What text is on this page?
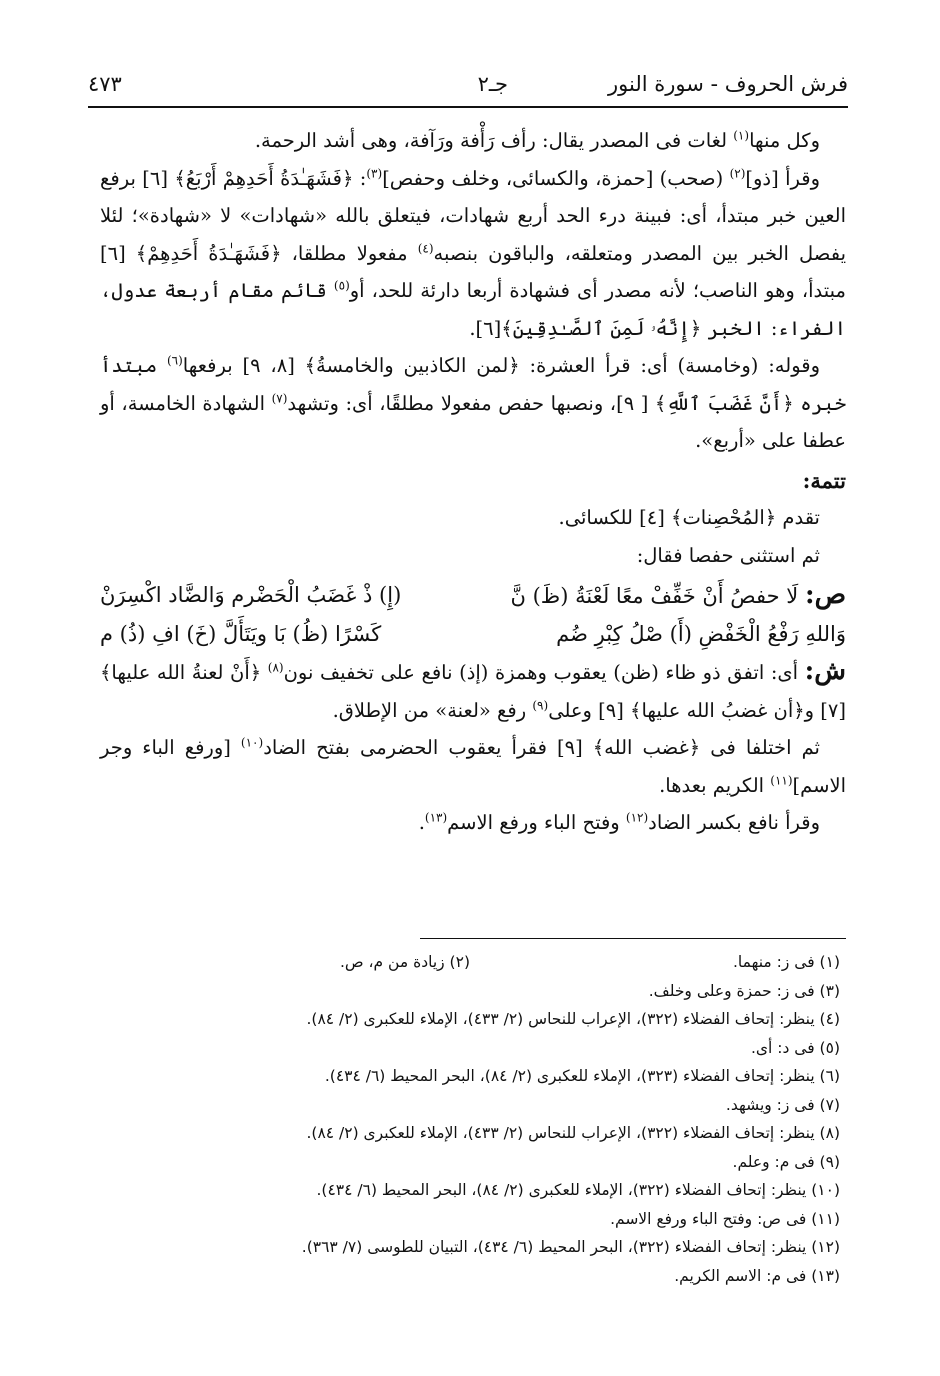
فرش الحروف - سورة النور
جـ٢
٤٧٣

وكل منها$^{(١)}$ لغات فى المصدر يقال: رأف رَأْفة ورَآفة، وهى أشد الرحمة.

وقرأ [ذو]$^{(٢)}$ (صحب) [حمزة، والكسائى، وخلف وحفص]$^{(٣)}$: ﴿فَشَهَـٰدَةُ أَحَدِهِمْ أَرْبَعُ﴾ [٦] برفع العين خبر مبتدأ، أى: فبينة درء الحد أربع شهادات، فيتعلق بالله «شهادات» لا «شهادة»؛ لئلا يفصل الخبر بين المصدر ومتعلقه، والباقون بنصبه$^{(٤)}$ مفعولا مطلقا، ﴿فَشَهَـٰدَةُ أَحَدِهِمْ﴾ [٦] مبتدأ، وهو الناصب؛ لأنه مصدر أى فشهادة أربعا دارئة للحد، أو$^{(٥)}$ قائم مقام أربعة عدول، الفراء: الخبر ﴿إِنَّهُۥ لَمِنَ ٱلصَّـٰدِقِينَ﴾[٦].

وقوله: (وخامسة) أى: قرأ العشرة: ﴿لمن الكاذبين والخامسةُ﴾ [٨، ٩] برفعها$^{(٦)}$ مبتدأ خبره ﴿أَنَّ غَضَبَ ٱللَّهِ﴾ [ ٩]، ونصبها حفص مفعولا مطلقًا، أى: وتشهد$^{(٧)}$ الشهادة الخامسة، أو عطفا على «أربع».

تتمة:

تقدم ﴿المُحْصِنات﴾ [٤] للكسائى.

ثم استثنى حفصا فقال:

ص: لَا حفصُ أَنْ خَفِّفْ معًا لَعْنَةُ (ظَ) نَّ
(إِ) ذْ غَضَبُ الْحَضْرم وَالضَّاد اكْسِرَنْ
وَاللهِ رَفْعُ الْخَفْضِ (أَ) صْلُ كِبْرِ ضُم
كَسْرًا (ظُ) بَا ويَتَأَلَّ (خَ) افِ (ذُ) م

ش: أى: اتفق ذو ظاء (ظن) يعقوب وهمزة (إذ) نافع على تخفيف نون$^{(٨)}$ ﴿أَنْ لعنةُ الله عليها﴾ [٧] و﴿أن غضبُ الله عليها﴾ [٩] وعلى$^{(٩)}$ رفع «لعنة» من الإطلاق.

ثم اختلفا فى ﴿غضب الله﴾ [٩] فقرأ يعقوب الحضرمى بفتح الضاد$^{(١٠)}$ [ورفع الباء وجر الاسم]$^{(١١)}$ الكريم بعدها.

وقرأ نافع بكسر الضاد$^{(١٢)}$ وفتح الباء ورفع الاسم$^{(١٣)}$.

(١) فى ز: منهما.
(٢) زيادة من م، ص.
(٣) فى ز: حمزة وعلى وخلف.
(٤) ينظر: إتحاف الفضلاء (٣٢٢)، الإعراب للنحاس (٢/ ٤٣٣)، الإملاء للعكبرى (٢/ ٨٤).
(٥) فى د: أى.
(٦) ينظر: إتحاف الفضلاء (٣٢٣)، الإملاء للعكبرى (٢/ ٨٤)، البحر المحيط (٦/ ٤٣٤).
(٧) فى ز: ويشهد.
(٨) ينظر: إتحاف الفضلاء (٣٢٢)، الإعراب للنحاس (٢/ ٤٣٣)، الإملاء للعكبرى (٢/ ٨٤).
(٩) فى م: وعلم.
(١٠) ينظر: إتحاف الفضلاء (٣٢٢)، الإملاء للعكبرى (٢/ ٨٤)، البحر المحيط (٦/ ٤٣٤).
(١١) فى ص: وفتح الباء ورفع الاسم.
(١٢) ينظر: إتحاف الفضلاء (٣٢٢)، البحر المحيط (٦/ ٤٣٤)، التبيان للطوسى (٧/ ٣٦٣).
(١٣) فى م: الاسم الكريم.
